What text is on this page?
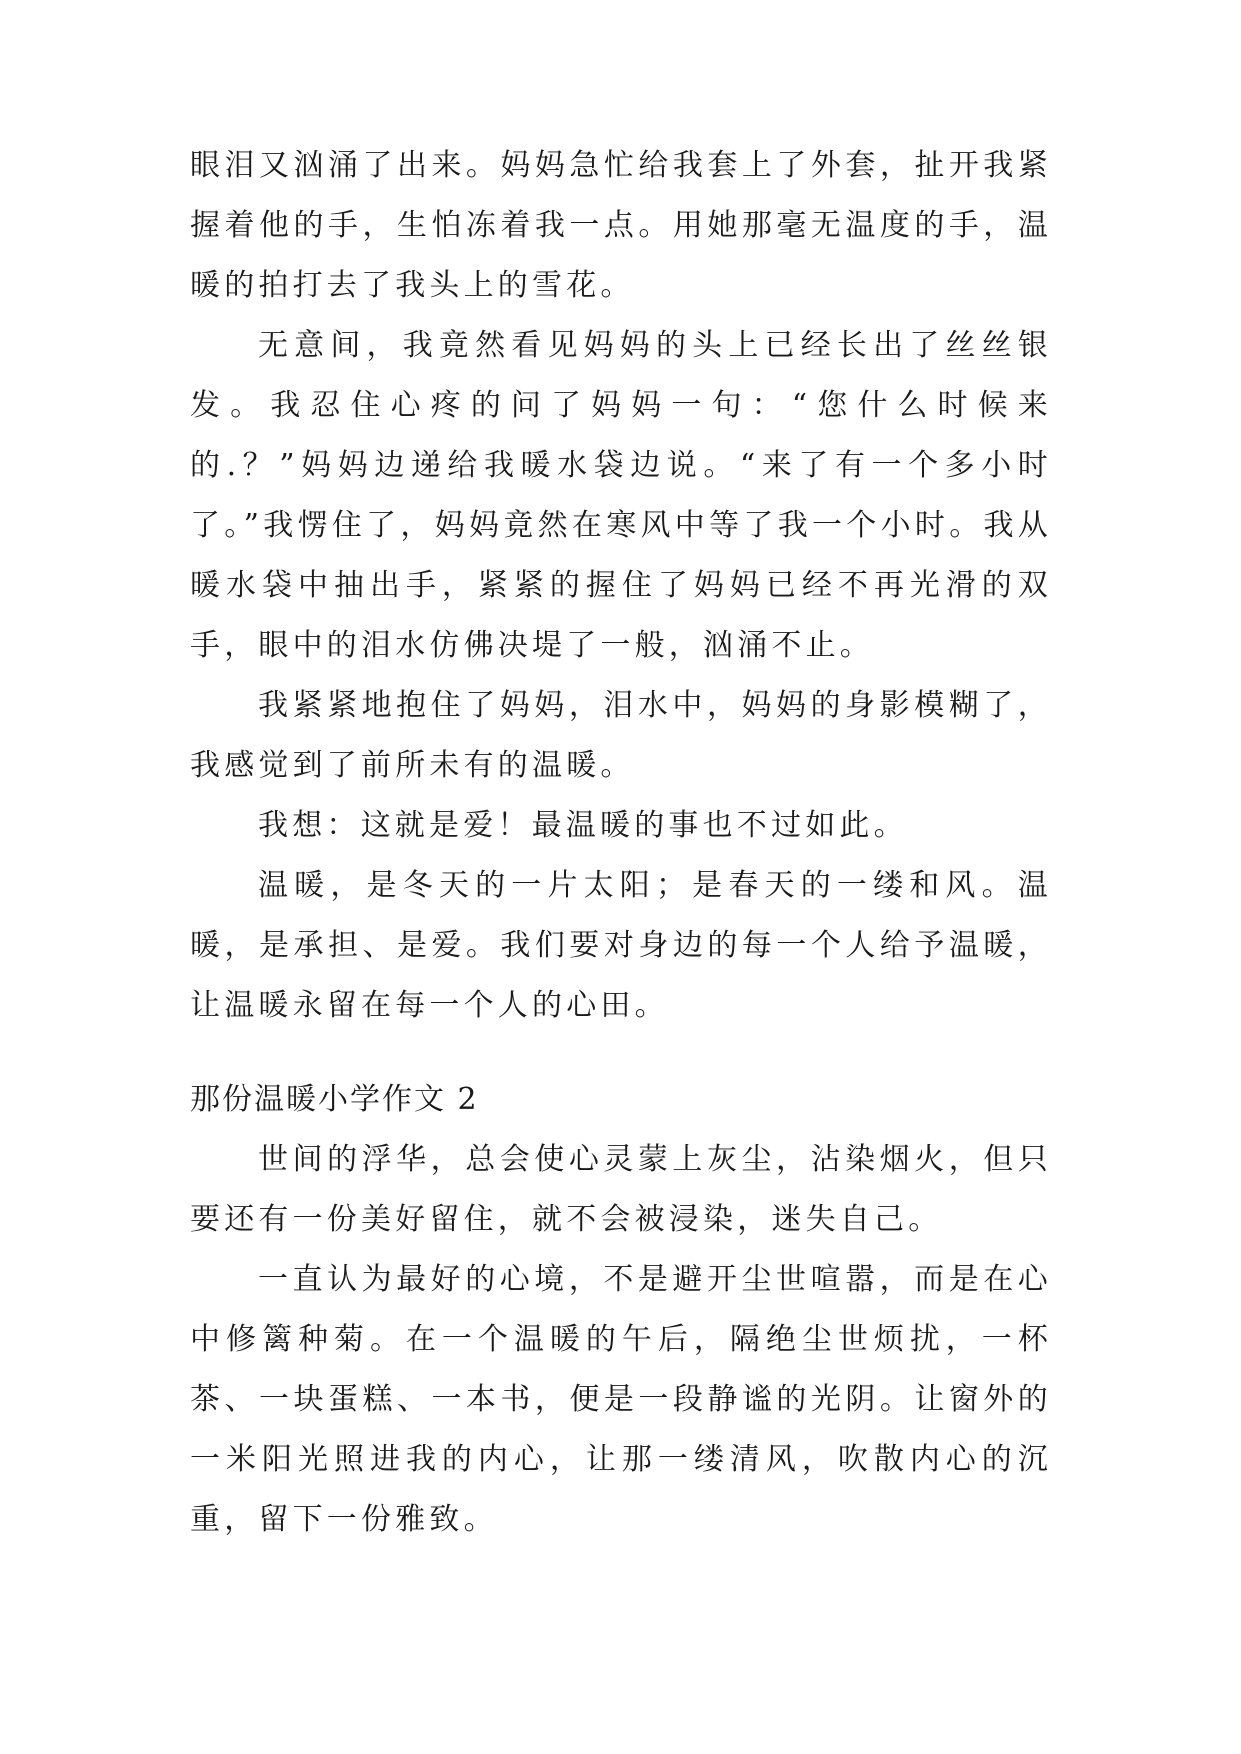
眼泪又汹涌了出来。妈妈急忙给我套上了外套，扯开我紧握着他的手，生怕冻着我一点。用她那毫无温度的手，温暖的拍打去了我头上的雪花。

无意间，我竟然看见妈妈的头上已经长出了丝丝银发。我忍住心疼的问了妈妈一句：“您什么时候来的.？”妈妈边递给我暖水袋边说。“来了有一个多小时了。”我愣住了，妈妈竟然在寒风中等了我一个小时。我从暖水袋中抽出手，紧紧的握住了妈妈已经不再光滑的双手，眼中的泪水仿佛决堤了一般，汹涌不止。

我紧紧地抱住了妈妈，泪水中，妈妈的身影模糊了，我感觉到了前所未有的温暖。

我想：这就是爱！最温暖的事也不过如此。

温暖，是冬天的一片太阳；是春天的一缕和风。温暖，是承担、是爱。我们要对身边的每一个人给予温暖，让温暖永留在每一个人的心田。

那份温暖小学作文 2

世间的浮华，总会使心灵蒙上灰尘，沾染烟火，但只要还有一份美好留住，就不会被浸染，迷失自己。

一直认为最好的心境，不是避开尘世喧嚣，而是在心中修篱种菊。在一个温暖的午后，隔绝尘世烦扰，一杯茶、一块蛋糕、一本书，便是一段静谧的光阴。让窗外的一米阳光照进我的内心，让那一缕清风，吹散内心的沉重，留下一份雅致。
